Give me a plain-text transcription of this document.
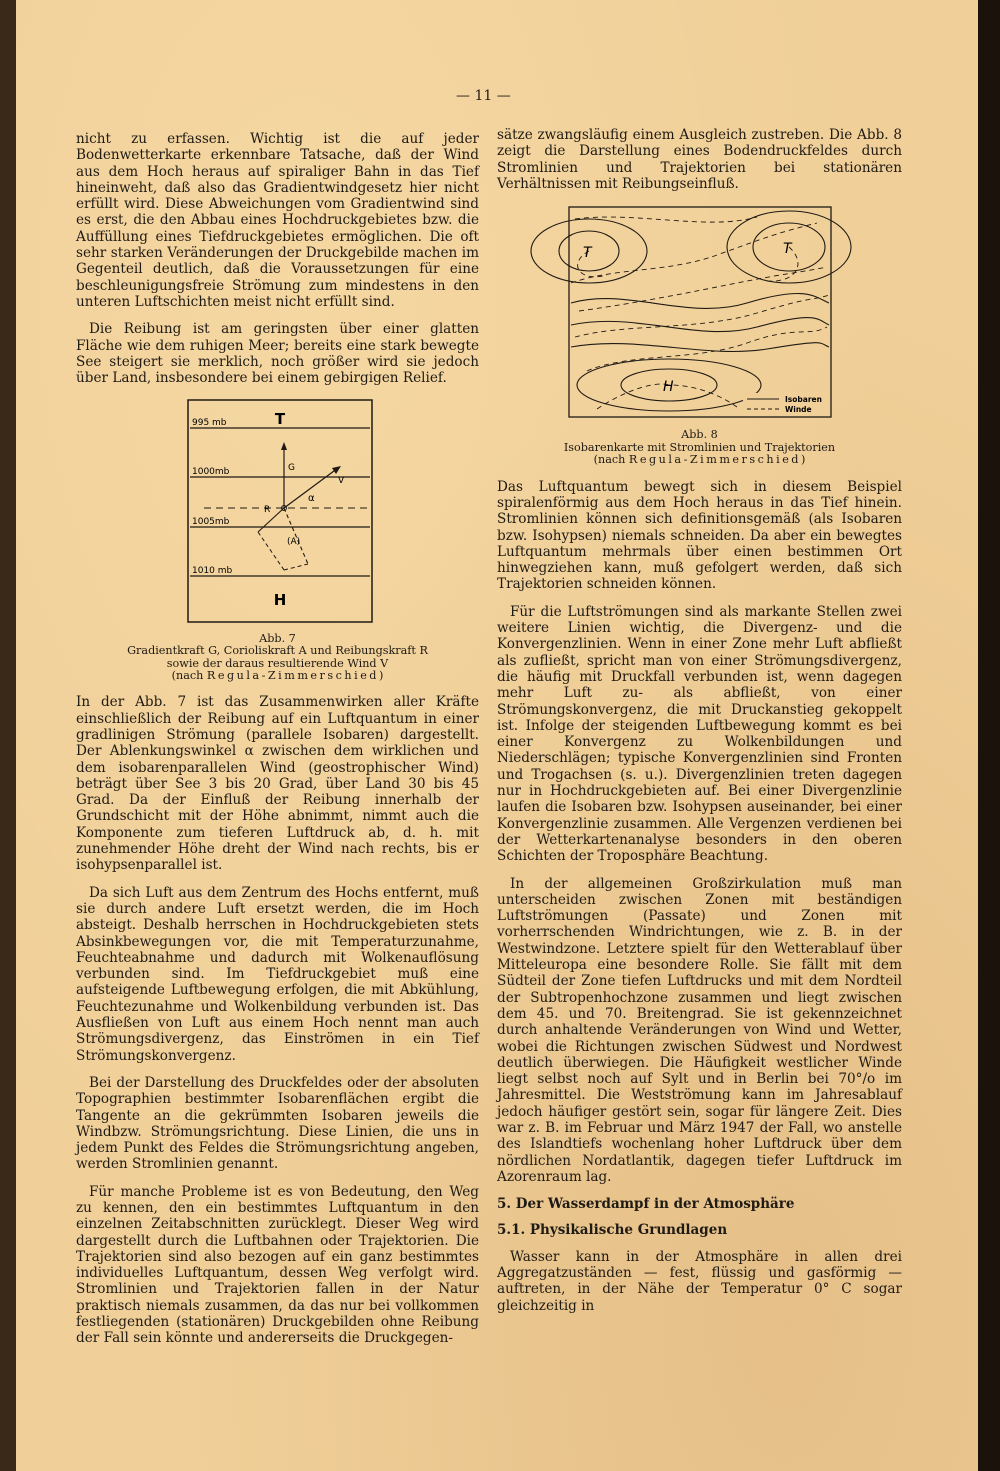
— 11 —

nicht zu erfassen. Wichtig ist die auf jeder Bodenwetterkarte erkennbare Tatsache, daß der Wind aus dem Hoch heraus auf spiraliger Bahn in das Tief hineinweht, daß also das Gradientwindgesetz hier nicht erfüllt wird. Diese Abweichungen vom Gradientwind sind es erst, die den Abbau eines Hochdruckgebietes bzw. die Auffüllung eines Tiefdruckgebietes ermöglichen. Die oft sehr starken Veränderungen der Druckgebilde machen im Gegenteil deutlich, daß die Voraussetzungen für eine beschleunigungsfreie Strömung zum mindestens in den unteren Luftschichten meist nicht erfüllt sind.

Die Reibung ist am geringsten über einer glatten Fläche wie dem ruhigen Meer; bereits eine stark bewegte See steigert sie merklich, noch größer wird sie jedoch über Land, insbesondere bei einem gebirgigen Relief.

995 mb
1000mb
1005mb
1010 mb
T
H
G
R
(A)
V
α
Abb. 7
Gradientkraft G, Corioliskraft A und Reibungskraft R
sowie der daraus resultierende Wind V
(nach Regula-Zimmerschied)

In der Abb. 7 ist das Zusammenwirken aller Kräfte einschließlich der Reibung auf ein Luftquantum in einer gradlinigen Strömung (parallele Isobaren) dargestellt. Der Ablenkungswinkel α zwischen dem wirklichen und dem isobarenparallelen Wind (geostrophischer Wind) beträgt über See 3 bis 20 Grad, über Land 30 bis 45 Grad. Da der Einfluß der Reibung innerhalb der Grundschicht mit der Höhe abnimmt, nimmt auch die Komponente zum tieferen Luftdruck ab, d. h. mit zunehmender Höhe dreht der Wind nach rechts, bis er isohypsenparallel ist.

Da sich Luft aus dem Zentrum des Hochs entfernt, muß sie durch andere Luft ersetzt werden, die im Hoch absteigt. Deshalb herrschen in Hochdruckgebieten stets Absinkbewegungen vor, die mit Temperaturzunahme, Feuchteabnahme und dadurch mit Wolkenauflösung verbunden sind. Im Tiefdruckgebiet muß eine aufsteigende Luftbewegung erfolgen, die mit Abkühlung, Feuchtezunahme und Wolkenbildung verbunden ist. Das Ausfließen von Luft aus einem Hoch nennt man auch Strömungsdivergenz, das Einströmen in ein Tief Strömungskonvergenz.

Bei der Darstellung des Druckfeldes oder der absoluten Topographien bestimmter Isobarenflächen ergibt die Tangente an die gekrümmten Isobaren jeweils die Windbzw. Strömungsrichtung. Diese Linien, die uns in jedem Punkt des Feldes die Strömungsrichtung angeben, werden Stromlinien genannt.

Für manche Probleme ist es von Bedeutung, den Weg zu kennen, den ein bestimmtes Luftquantum in den einzelnen Zeitabschnitten zurücklegt. Dieser Weg wird dargestellt durch die Luftbahnen oder Trajektorien. Die Trajektorien sind also bezogen auf ein ganz bestimmtes individuelles Luftquantum, dessen Weg verfolgt wird. Stromlinien und Trajektorien fallen in der Natur praktisch niemals zusammen, da das nur bei vollkommen festliegenden (stationären) Druckgebilden ohne Reibung der Fall sein könnte und andererseits die Druckgegen-

sätze zwangsläufig einem Ausgleich zustreben. Die Abb. 8 zeigt die Darstellung eines Bodendruckfeldes durch Stromlinien und Trajektorien bei stationären Verhältnissen mit Reibungseinfluß.

T	T
H
Isobaren
Winde
Abb. 8
Isobarenkarte mit Stromlinien und Trajektorien
(nach Regula-Zimmerschied)

Das Luftquantum bewegt sich in diesem Beispiel spiralenförmig aus dem Hoch heraus in das Tief hinein. Stromlinien können sich definitionsgemäß (als Isobaren bzw. Isohypsen) niemals schneiden. Da aber ein bewegtes Luftquantum mehrmals über einen bestimmen Ort hinwegziehen kann, muß gefolgert werden, daß sich Trajektorien schneiden können.

Für die Luftströmungen sind als markante Stellen zwei weitere Linien wichtig, die Divergenz- und die Konvergenzlinien. Wenn in einer Zone mehr Luft abfließt als zufließt, spricht man von einer Strömungsdivergenz, die häufig mit Druckfall verbunden ist, wenn dagegen mehr Luft zu- als abfließt, von einer Strömungskonvergenz, die mit Druckanstieg gekoppelt ist. Infolge der steigenden Luftbewegung kommt es bei einer Konvergenz zu Wolkenbildungen und Niederschlägen; typische Konvergenzlinien sind Fronten und Trogachsen (s. u.). Divergenzlinien treten dagegen nur in Hochdruckgebieten auf. Bei einer Divergenzlinie laufen die Isobaren bzw. Isohypsen auseinander, bei einer Konvergenzlinie zusammen. Alle Vergenzen verdienen bei der Wetterkartenanalyse besonders in den oberen Schichten der Troposphäre Beachtung.

In der allgemeinen Großzirkulation muß man unterscheiden zwischen Zonen mit beständigen Luftströmungen (Passate) und Zonen mit vorherrschenden Windrichtungen, wie z. B. in der Westwindzone. Letztere spielt für den Wetterablauf über Mitteleuropa eine besondere Rolle. Sie fällt mit dem Südteil der Zone tiefen Luftdrucks und mit dem Nordteil der Subtropenhochzone zusammen und liegt zwischen dem 45. und 70. Breitengrad. Sie ist gekennzeichnet durch anhaltende Veränderungen von Wind und Wetter, wobei die Richtungen zwischen Südwest und Nordwest deutlich überwiegen. Die Häufigkeit westlicher Winde liegt selbst noch auf Sylt und in Berlin bei 70°/o im Jahresmittel. Die Westströmung kann im Jahresablauf jedoch häufiger gestört sein, sogar für längere Zeit. Dies war z. B. im Februar und März 1947 der Fall, wo anstelle des Islandtiefs wochenlang hoher Luftdruck über dem nördlichen Nordatlantik, dagegen tiefer Luftdruck im Azorenraum lag.

5. Der Wasserdampf in der Atmosphäre
5.1. Physikalische Grundlagen

Wasser kann in der Atmosphäre in allen drei Aggregatzuständen — fest, flüssig und gasförmig — auftreten, in der Nähe der Temperatur 0° C sogar gleichzeitig in
